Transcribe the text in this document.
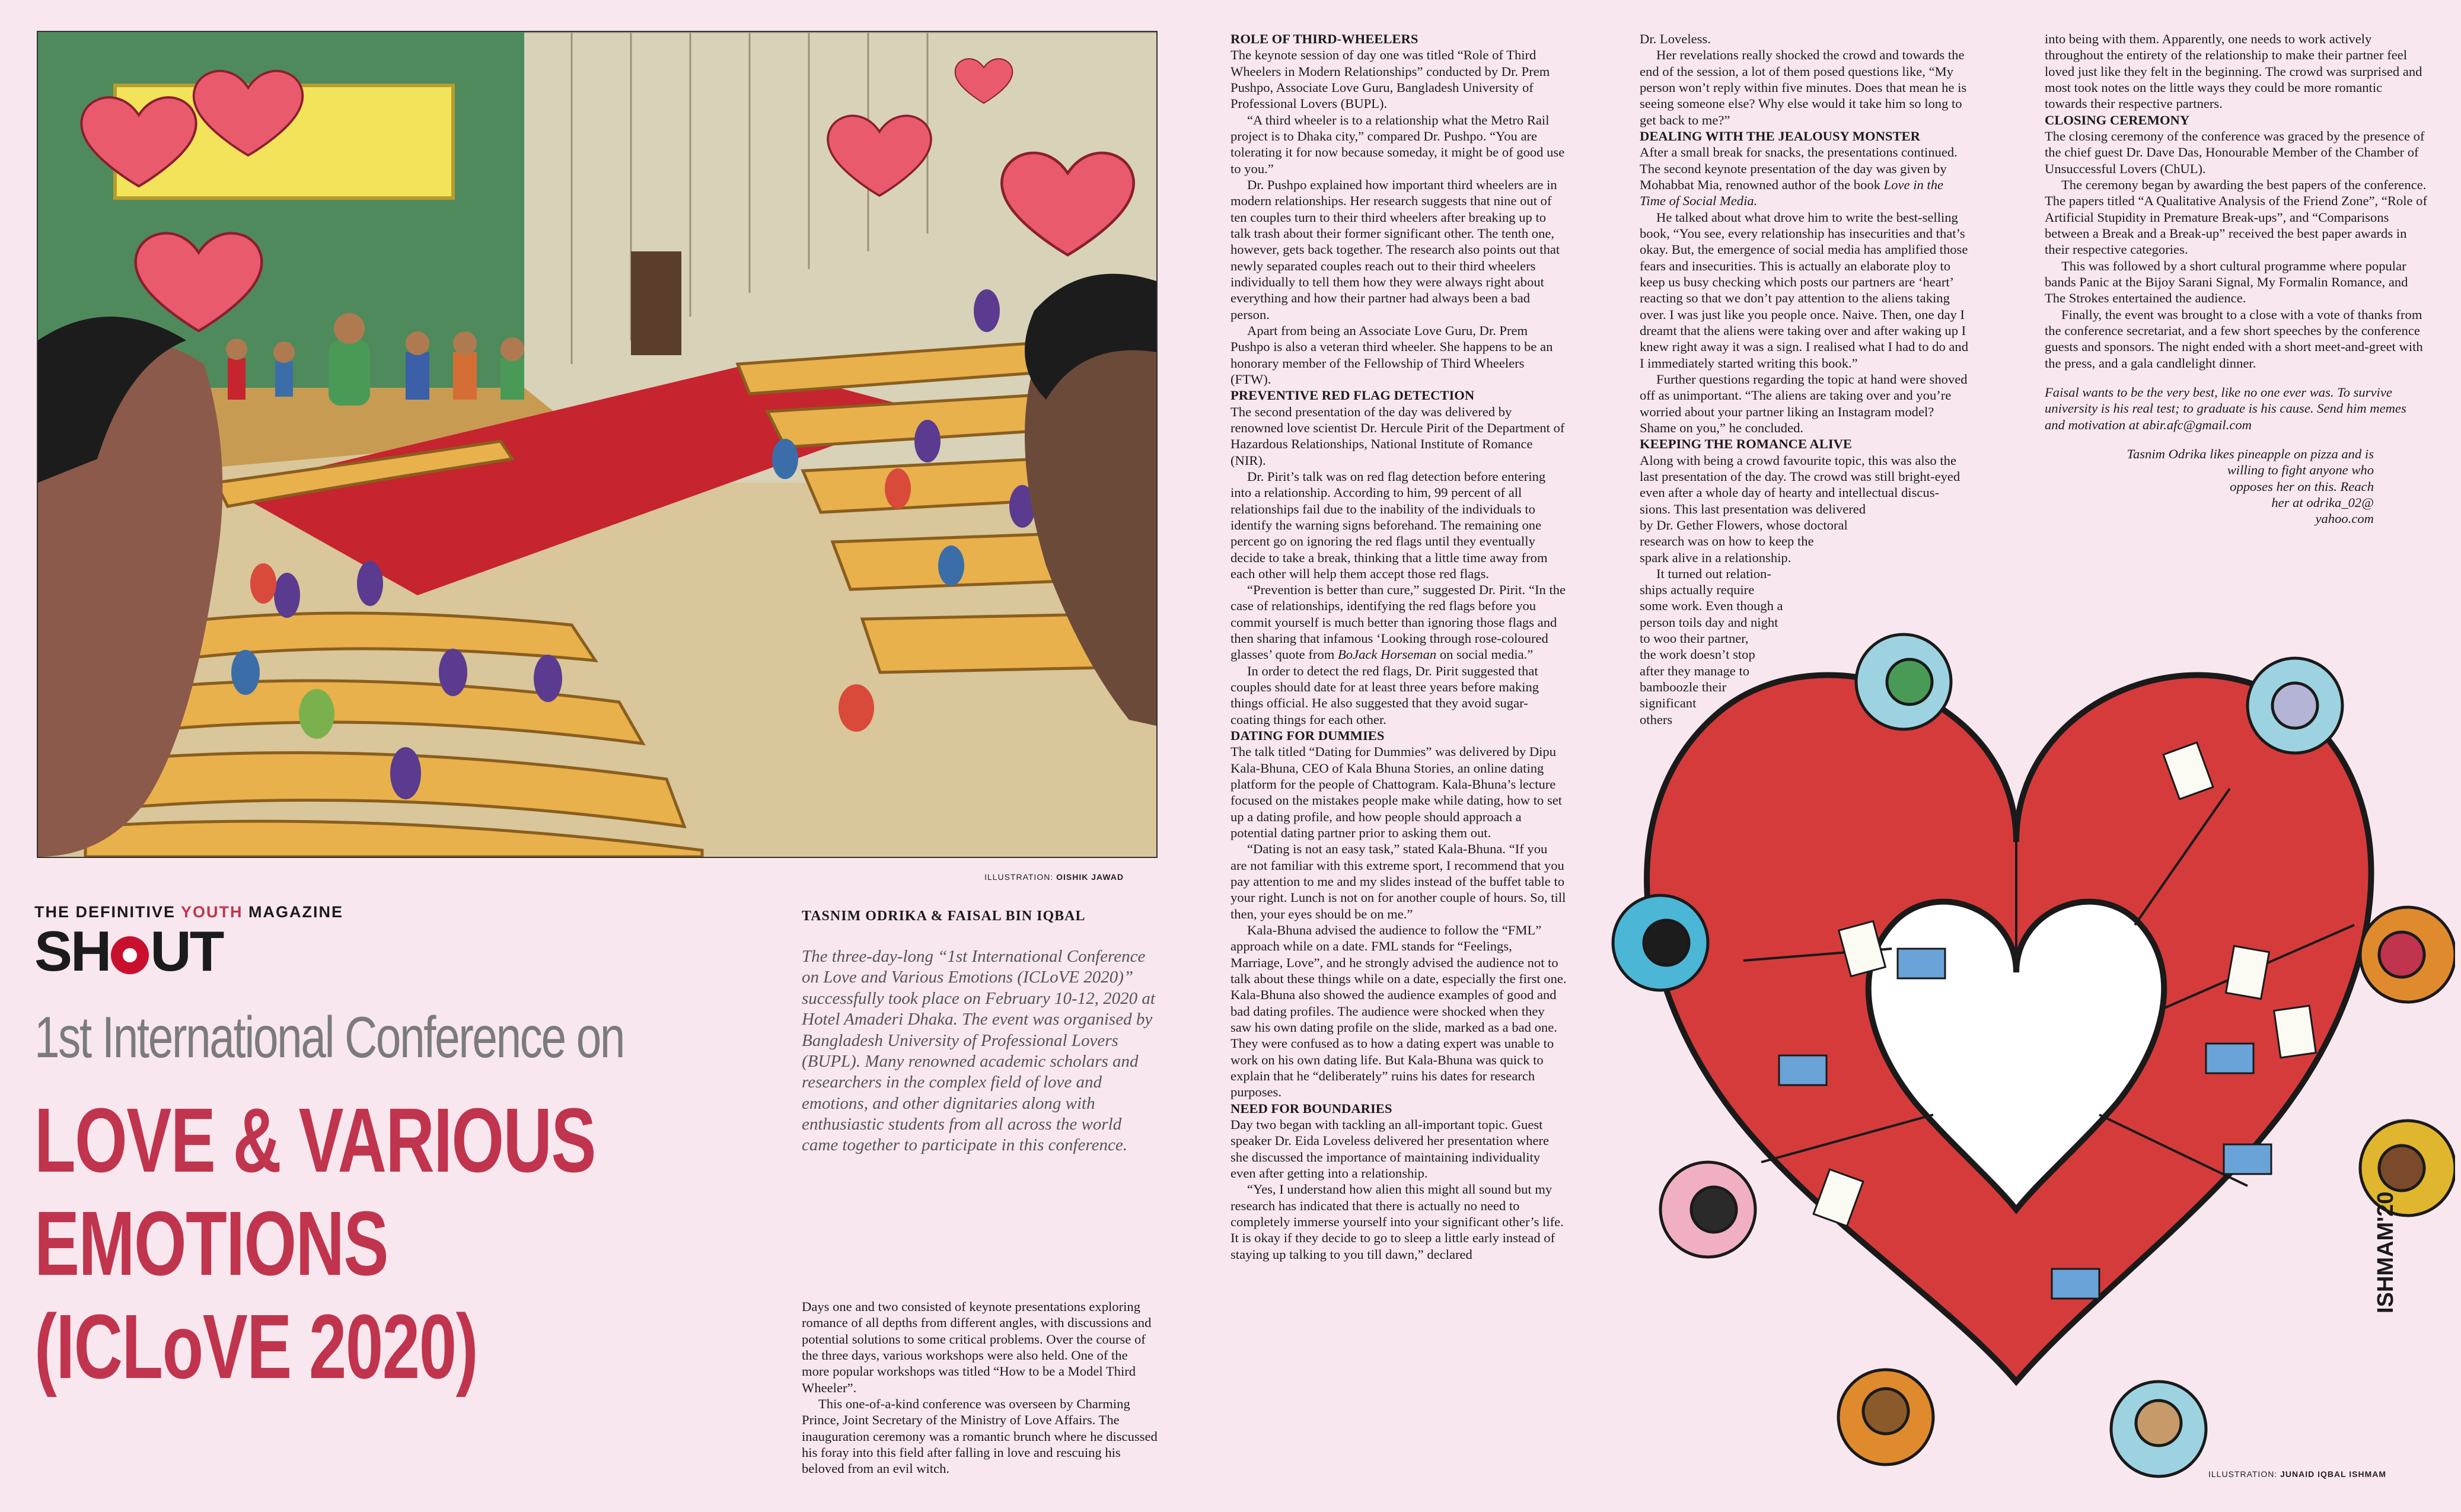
ILLUSTRATION: OISHIK JAWAD
THE DEFINITIVE YOUTH MAGAZINE
SH UT
1st International Conference on
LOVE & VARIOUS
EMOTIONS
(ICLoVE 2020)
TASNIM ODRIKA & FAISAL BIN IQBAL
The three-day-long “1st International Conference on Love and Various Emotions (ICLoVE 2020)” successfully took place on February 10-12, 2020 at Hotel Amaderi Dhaka. The event was organised by Bangladesh University of Professional Lovers (BUPL). Many renowned academic scholars and researchers in the complex field of love and emotions, and other dignitaries along with enthusiastic students from all across the world came together to participate in this conference.

Days one and two consisted of keynote presentations exploring romance of all depths from different angles, with discussions and potential solutions to some critical problems. Over the course of the three days, various workshops were also held. One of the more popular workshops was titled “How to be a Model Third Wheeler”.

This one-of-a-kind conference was overseen by Charming Prince, Joint Secretary of the Ministry of Love Affairs. The inauguration ceremony was a romantic brunch where he discussed his foray into this field after falling in love and rescuing his beloved from an evil witch.

ROLE OF THIRD-WHEELERS

The keynote session of day one was titled “Role of Third Wheelers in Modern Relationships” conducted by Dr. Prem Pushpo, Associate Love Guru, Bangladesh University of Professional Lovers (BUPL).

“A third wheeler is to a relationship what the Metro Rail project is to Dhaka city,” compared Dr. Pushpo. “You are tolerating it for now because someday, it might be of good use to you.”

Dr. Pushpo explained how important third wheelers are in modern relationships. Her research suggests that nine out of ten couples turn to their third wheelers after breaking up to talk trash about their former significant other. The tenth one, however, gets back together. The research also points out that newly separated couples reach out to their third wheelers individually to tell them how they were always right about everything and how their partner had always been a bad person.

Apart from being an Associate Love Guru, Dr. Prem Pushpo is also a veteran third wheeler. She happens to be an honorary member of the Fellowship of Third Wheelers (FTW).

PREVENTIVE RED FLAG DETECTION

The second presentation of the day was delivered by renowned love scientist Dr. Hercule Pirit of the Department of Hazardous Relationships, National Institute of Romance (NIR).

Dr. Pirit’s talk was on red flag detection before entering into a relationship. According to him, 99 percent of all relationships fail due to the inability of the individuals to identify the warning signs beforehand. The remaining one percent go on ignoring the red flags until they eventually decide to take a break, thinking that a little time away from each other will help them accept those red flags.

“Prevention is better than cure,” suggested Dr. Pirit. “In the case of relationships, identifying the red flags before you commit yourself is much better than ignoring those flags and then sharing that infamous ‘Looking through rose-coloured glasses’ quote from BoJack Horseman on social media.”

In order to detect the red flags, Dr. Pirit suggested that couples should date for at least three years before making things official. He also suggested that they avoid sugar-coating things for each other.

DATING FOR DUMMIES

The talk titled “Dating for Dummies” was delivered by Dipu Kala-Bhuna, CEO of Kala Bhuna Stories, an online dating platform for the people of Chattogram. Kala-Bhuna’s lecture focused on the mistakes people make while dating, how to set up a dating profile, and how people should approach a potential dating partner prior to asking them out.

“Dating is not an easy task,” stated Kala-Bhuna. “If you are not familiar with this extreme sport, I recommend that you pay attention to me and my slides instead of the buffet table to your right. Lunch is not on for another couple of hours. So, till then, your eyes should be on me.”

Kala-Bhuna advised the audience to follow the “FML” approach while on a date. FML stands for “Feelings, Marriage, Love”, and he strongly advised the audience not to talk about these things while on a date, especially the first one. Kala-Bhuna also showed the audience examples of good and bad dating profiles. The audience were shocked when they saw his own dating profile on the slide, marked as a bad one. They were confused as to how a dating expert was unable to work on his own dating life. But Kala-Bhuna was quick to explain that he “deliberately” ruins his dates for research purposes.

NEED FOR BOUNDARIES

Day two began with tackling an all-important topic. Guest speaker Dr. Eida Loveless delivered her presentation where she discussed the importance of maintaining individuality even after getting into a relationship.

“Yes, I understand how alien this might all sound but my research has indicated that there is actually no need to completely immerse yourself into your significant other’s life. It is okay if they decide to go to sleep a little early instead of staying up talking to you till dawn,” declared

Dr. Loveless.

Her revelations really shocked the crowd and towards the end of the session, a lot of them posed questions like, “My person won’t reply within five minutes. Does that mean he is seeing someone else? Why else would it take him so long to get back to me?”

DEALING WITH THE JEALOUSY MONSTER

After a small break for snacks, the presentations continued. The second keynote presentation of the day was given by Mohabbat Mia, renowned author of the book Love in the Time of Social Media.

He talked about what drove him to write the best-selling book, “You see, every relationship has insecurities and that’s okay. But, the emergence of social media has amplified those fears and insecurities. This is actually an elaborate ploy to keep us busy checking which posts our partners are ‘heart’ reacting so that we don’t pay attention to the aliens taking over. I was just like you people once. Naive. Then, one day I dreamt that the aliens were taking over and after waking up I knew right away it was a sign. I realised what I had to do and I immediately started writing this book.”

Further questions regarding the topic at hand were shoved off as unimportant. “The aliens are taking over and you’re worried about your partner liking an Instagram model? Shame on you,” he concluded.

KEEPING THE ROMANCE ALIVE
Along with being a crowd favourite topic, this was also the
last presentation of the day. The crowd was still bright-eyed
even after a whole day of hearty and intellectual discus-
sions. This last presentation was delivered
by Dr. Gether Flowers, whose doctoral
research was on how to keep the
spark alive in a relationship.
It turned out relation-
ships actually require
some work. Even though a
person toils day and night
to woo their partner,
the work doesn’t stop
after they manage to
bamboozle their
significant
others

into being with them. Apparently, one needs to work actively throughout the entirety of the relationship to make their partner feel loved just like they felt in the beginning. The crowd was surprised and most took notes on the little ways they could be more romantic towards their respective partners.

CLOSING CEREMONY

The closing ceremony of the conference was graced by the presence of the chief guest Dr. Dave Das, Honourable Member of the Chamber of Unsuccessful Lovers (ChUL).

The ceremony began by awarding the best papers of the conference. The papers titled “A Qualitative Analysis of the Friend Zone”, “Role of Artificial Stupidity in Premature Break-ups”, and “Comparisons between a Break and a Break-up” received the best paper awards in their respective categories.

This was followed by a short cultural programme where popular bands Panic at the Bijoy Sarani Signal, My Formalin Romance, and The Strokes entertained the audience.

Finally, the event was brought to a close with a vote of thanks from the conference secretariat, and a few short speeches by the conference guests and sponsors. The night ended with a short meet-and-greet with the press, and a gala candlelight dinner.

Faisal wants to be the very best, like no one ever was. To survive university is his real test; to graduate is his cause. Send him memes and motivation at abir.afc@gmail.com
Tasnim Odrika likes pineapple on pizza and is
willing to fight anyone who
opposes her on this. Reach
her at odrika_02@
yahoo.com
ISHMAM'20
ILLUSTRATION: JUNAID IQBAL ISHMAM
